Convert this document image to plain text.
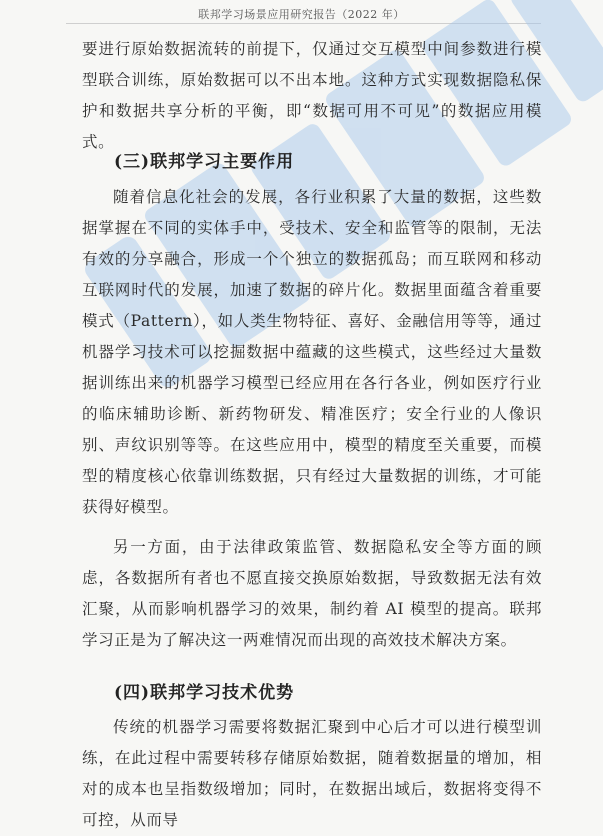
联邦学习场景应用研究报告（2022 年）

要进行原始数据流转的前提下，仅通过交互模型中间参数进行模型联合训练，原始数据可以不出本地。这种方式实现数据隐私保护和数据共享分析的平衡，即“数据可用不可见”的数据应用模式。

(三)联邦学习主要作用

随着信息化社会的发展，各行业积累了大量的数据，这些数据掌握在不同的实体手中，受技术、安全和监管等的限制，无法有效的分享融合，形成一个个独立的数据孤岛；而互联网和移动互联网时代的发展，加速了数据的碎片化。数据里面蕴含着重要模式（Pattern），如人类生物特征、喜好、金融信用等等，通过机器学习技术可以挖掘数据中蕴藏的这些模式，这些经过大量数据训练出来的机器学习模型已经应用在各行各业，例如医疗行业的临床辅助诊断、新药物研发、精准医疗；安全行业的人像识别、声纹识别等等。在这些应用中，模型的精度至关重要，而模型的精度核心依靠训练数据，只有经过大量数据的训练，才可能获得好模型。

另一方面，由于法律政策监管、数据隐私安全等方面的顾虑，各数据所有者也不愿直接交换原始数据，导致数据无法有效汇聚，从而影响机器学习的效果，制约着 AI 模型的提高。联邦学习正是为了解决这一两难情况而出现的高效技术解决方案。

(四)联邦学习技术优势

传统的机器学习需要将数据汇聚到中心后才可以进行模型训练，在此过程中需要转移存储原始数据，随着数据量的增加，相对的成本也呈指数级增加；同时，在数据出域后，数据将变得不可控，从而导
